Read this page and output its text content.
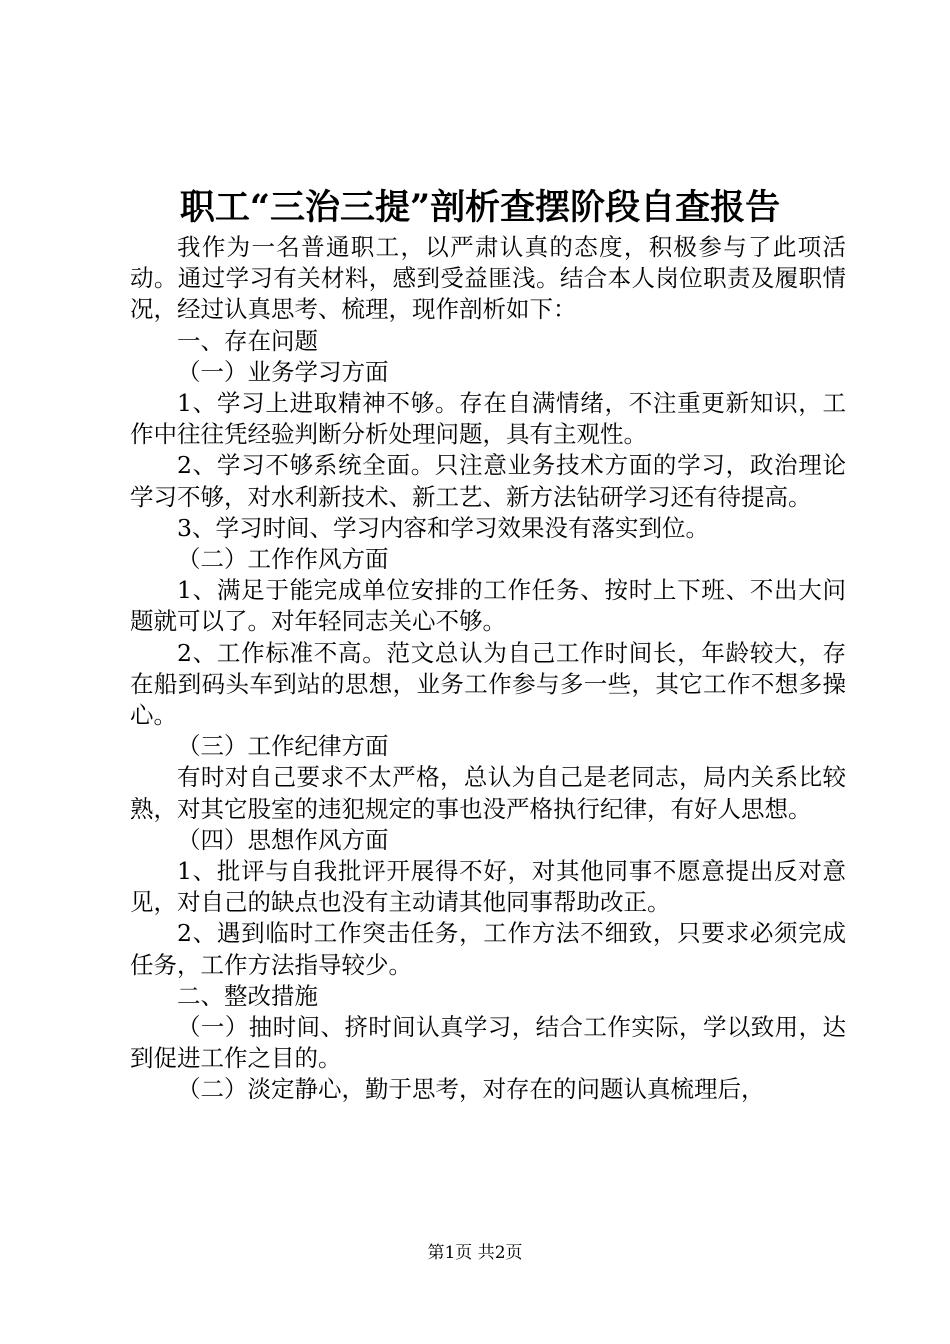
职工“三治三提”剖析查摆阶段自查报告

我作为一名普通职工，以严肃认真的态度，积极参与了此项活动。通过学习有关材料，感到受益匪浅。结合本人岗位职责及履职情况，经过认真思考、梳理，现作剖析如下：

一、存在问题

（一）业务学习方面

1、学习上进取精神不够。存在自满情绪，不注重更新知识，工作中往往凭经验判断分析处理问题，具有主观性。

2、学习不够系统全面。只注意业务技术方面的学习，政治理论学习不够，对水利新技术、新工艺、新方法钻研学习还有待提高。

3、学习时间、学习内容和学习效果没有落实到位。

（二）工作作风方面

1、满足于能完成单位安排的工作任务、按时上下班、不出大问题就可以了。对年轻同志关心不够。

2、工作标准不高。范文总认为自己工作时间长，年龄较大，存在船到码头车到站的思想，业务工作参与多一些，其它工作不想多操心。

（三）工作纪律方面

有时对自己要求不太严格，总认为自己是老同志，局内关系比较熟，对其它股室的违犯规定的事也没严格执行纪律，有好人思想。

（四）思想作风方面

1、批评与自我批评开展得不好，对其他同事不愿意提出反对意见，对自己的缺点也没有主动请其他同事帮助改正。

2、遇到临时工作突击任务，工作方法不细致，只要求必须完成任务，工作方法指导较少。

二、整改措施

（一）抽时间、挤时间认真学习，结合工作实际，学以致用，达到促进工作之目的。

（二）淡定静心，勤于思考，对存在的问题认真梳理后，

第1页 共2页
